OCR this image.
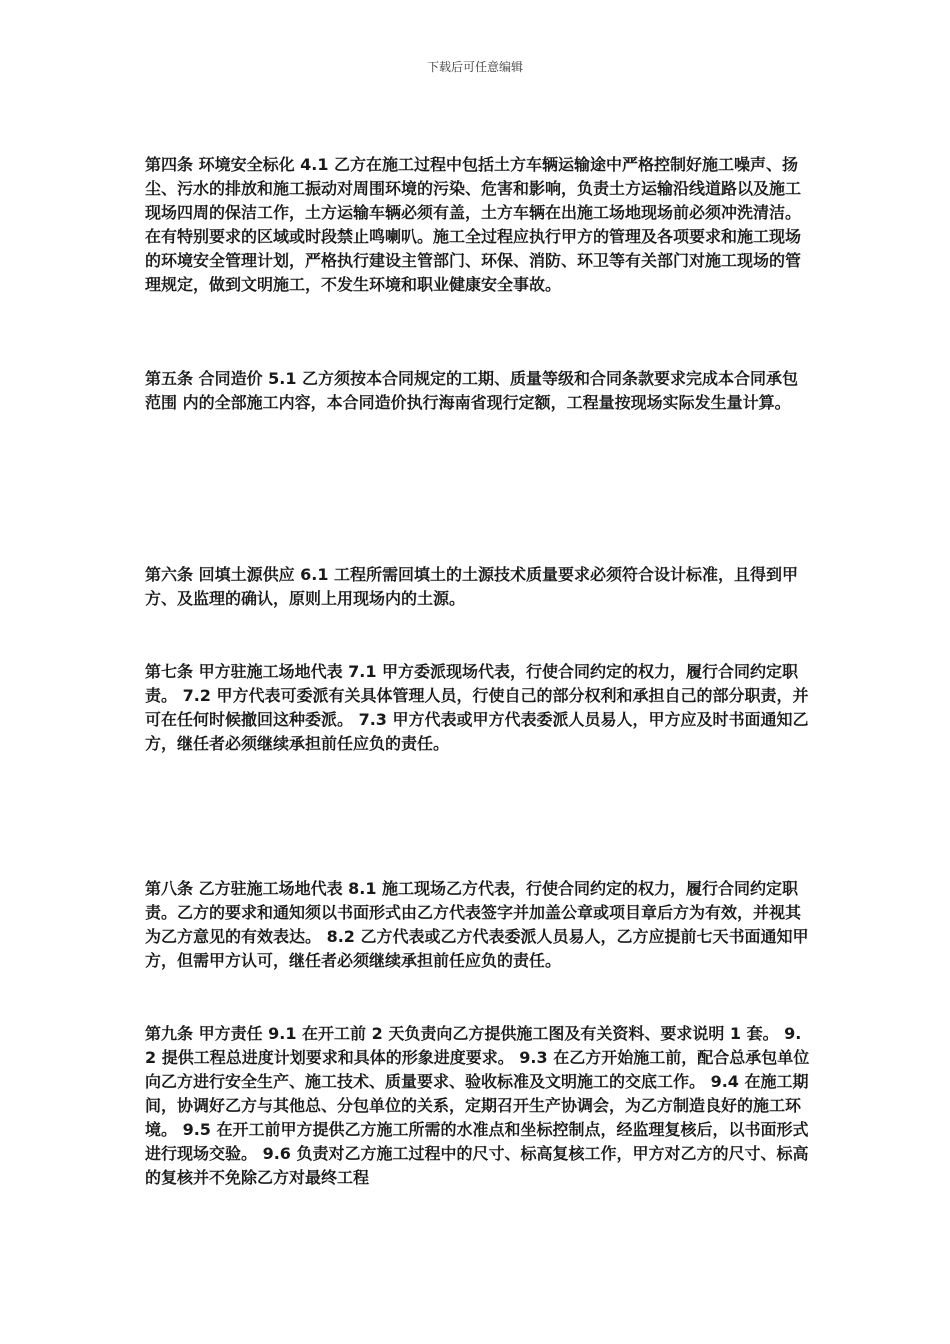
下载后可任意编辑
第四条 环境安全标化 4.1 乙方在施工过程中包括土方车辆运输途中严格控制好施工噪声、扬尘、污水的排放和施工振动对周围环境的污染、危害和影响，负责土方运输沿线道路以及施工现场四周的保洁工作，土方运输车辆必须有盖，土方车辆在出施工场地现场前必须冲洗清洁。在有特别要求的区域或时段禁止鸣喇叭。施工全过程应执行甲方的管理及各项要求和施工现场的环境安全管理计划，严格执行建设主管部门、环保、消防、环卫等有关部门对施工现场的管理规定，做到文明施工，不发生环境和职业健康安全事故。
第五条 合同造价 5.1 乙方须按本合同规定的工期、质量等级和合同条款要求完成本合同承包范围 内的全部施工内容，本合同造价执行海南省现行定额，工程量按现场实际发生量计算。
第六条 回填土源供应 6.1 工程所需回填土的土源技术质量要求必须符合设计标准，且得到甲方、及监理的确认，原则上用现场内的土源。
第七条 甲方驻施工场地代表 7.1 甲方委派现场代表，行使合同约定的权力，履行合同约定职责。 7.2 甲方代表可委派有关具体管理人员，行使自己的部分权利和承担自己的部分职责，并可在任何时候撤回这种委派。 7.3 甲方代表或甲方代表委派人员易人，甲方应及时书面通知乙方，继任者必须继续承担前任应负的责任。
第八条 乙方驻施工场地代表 8.1 施工现场乙方代表，行使合同约定的权力，履行合同约定职责。乙方的要求和通知须以书面形式由乙方代表签字并加盖公章或项目章后方为有效，并视其为乙方意见的有效表达。 8.2 乙方代表或乙方代表委派人员易人，乙方应提前七天书面通知甲方，但需甲方认可，继任者必须继续承担前任应负的责任。
第九条 甲方责任 9.1 在开工前 2 天负责向乙方提供施工图及有关资料、要求说明 1 套。 9.2 提供工程总进度计划要求和具体的形象进度要求。 9.3 在乙方开始施工前，配合总承包单位向乙方进行安全生产、施工技术、质量要求、验收标准及文明施工的交底工作。 9.4 在施工期间，协调好乙方与其他总、分包单位的关系，定期召开生产协调会，为乙方制造良好的施工环境。 9.5 在开工前甲方提供乙方施工所需的水准点和坐标控制点，经监理复核后，以书面形式进行现场交验。 9.6 负责对乙方施工过程中的尺寸、标高复核工作，甲方对乙方的尺寸、标高的复核并不免除乙方对最终工程
